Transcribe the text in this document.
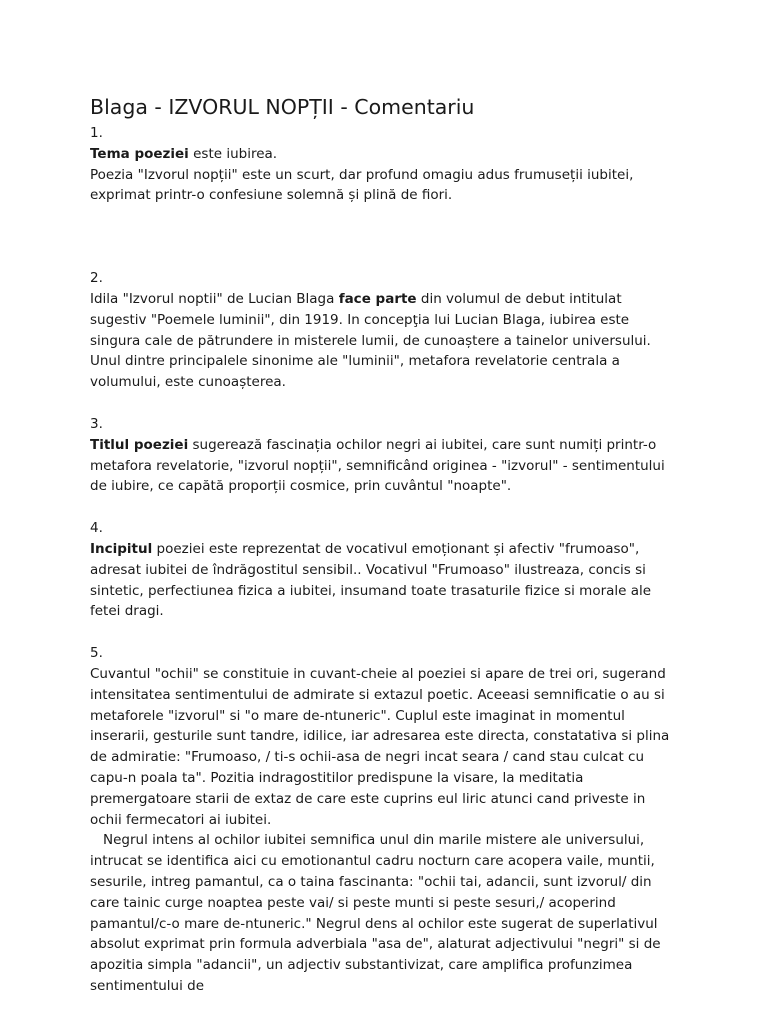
Blaga - IZVORUL NOPȚII - Comentariu
1.

Tema poeziei este iubirea.

Poezia "Izvorul nopții" este un scurt, dar profund omagiu adus frumuseții iubitei, exprimat printr-o confesiune solemnă și plină de fiori.

2.

Idila "Izvorul noptii" de Lucian Blaga face parte din volumul de debut intitulat sugestiv "Poemele luminii", din 1919. In concepţia lui Lucian Blaga, iubirea este singura cale de pătrundere in misterele lumii, de cunoaștere a tainelor universului. Unul dintre principalele sinonime ale "luminii", metafora revelatorie centrala a volumului, este cunoașterea.

3.

Titlul poeziei sugerează fascinația ochilor negri ai iubitei, care sunt numiți printr-o metafora revelatorie, "izvorul nopții", semnificând originea - "izvorul" - sentimentului de iubire, ce capătă proporții cosmice, prin cuvântul "noapte".

4.

Incipitul poeziei este reprezentat de vocativul emoționant și afectiv "frumoaso", adresat iubitei de îndrăgostitul sensibil.. Vocativul "Frumoaso" ilustreaza, concis si sintetic, perfectiunea fizica a iubitei, insumand toate trasaturile fizice si morale ale fetei dragi.

5.

Cuvantul "ochii" se constituie in cuvant-cheie al poeziei si apare de trei ori, sugerand intensitatea sentimentului de admirate si extazul poetic. Aceeasi semnificatie o au si metaforele "izvorul" si "o mare de-ntuneric". Cuplul este imaginat in momentul inserarii, gesturile sunt tandre, idilice, iar adresarea este directa, constatativa si plina de admiratie: "Frumoaso, / ti-s ochii-asa de negri incat seara / cand stau culcat cu capu-n poala ta". Pozitia indragostitilor predispune la visare, la meditatia premergatoare starii de extaz de care este cuprins eul liric atunci cand priveste in ochii fermecatori ai iubitei.

Negrul intens al ochilor iubitei semnifica unul din marile mistere ale universului, intrucat se identifica aici cu emotionantul cadru nocturn care acopera vaile, muntii, sesurile, intreg pamantul, ca o taina fascinanta: "ochii tai, adancii, sunt izvorul/ din care tainic curge noaptea peste vai/ si peste munti si peste sesuri,/ acoperind pamantul/c-o mare de-ntuneric." Negrul dens al ochilor este sugerat de superlativul absolut exprimat prin formula adverbiala "asa de", alaturat adjectivului "negri" si de apozitia simpla "adancii", un adjectiv substantivizat, care amplifica profunzimea sentimentului de
